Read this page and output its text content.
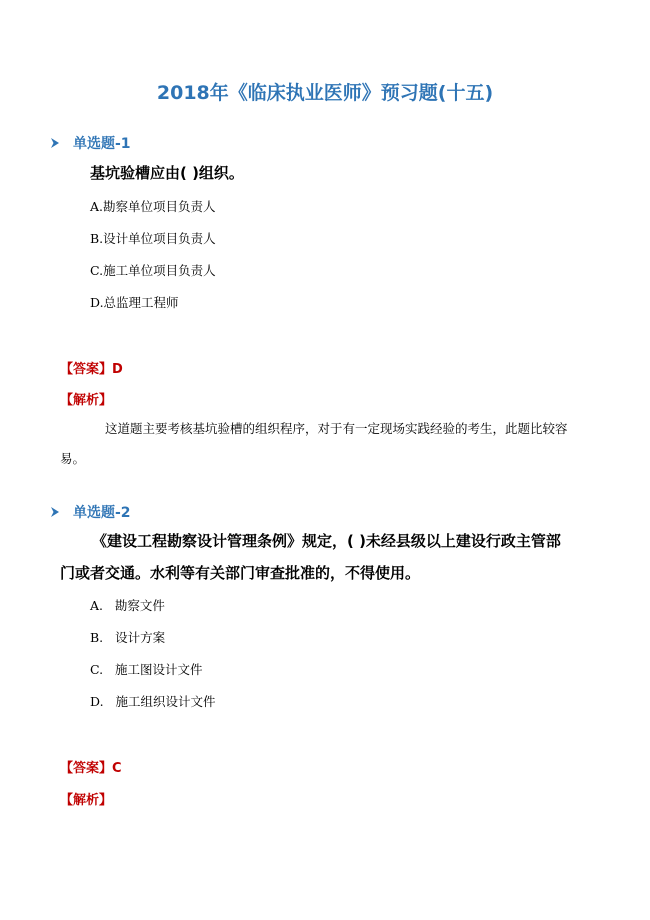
2018年《临床执业医师》预习题(十五)
单选题-1
基坑验槽应由( )组织。
A.勘察单位项目负责人
B.设计单位项目负责人
C.施工单位项目负责人
D.总监理工程师
【答案】D
【解析】
这道题主要考核基坑验槽的组织程序，对于有一定现场实践经验的考生，此题比较容
易。
单选题-2
《建设工程勘察设计管理条例》规定，( )未经县级以上建设行政主管部
门或者交通。水利等有关部门审查批准的，不得使用。
A.   勘察文件
B.   设计方案
C.   施工图设计文件
D.   施工组织设计文件
【答案】C
【解析】
